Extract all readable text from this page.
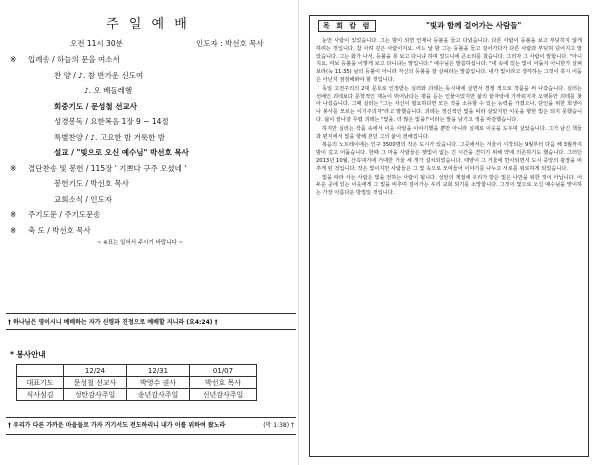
주 일 예 배
오전 11시 30분	인도자 : 박선호 목사
※ 입례송 / 하늘의 문을 여소서
찬 양 / ♪. 참 반가운 신도여
♪. 오 베들레헴
회중기도 / 문성철 선교사
성경봉독 / 요한복음 1장 9 ~ 14절
특별찬양 / ♪. 고요한 밤 거룩한 밤
설교 / "빛으로 오신 예수님" 박선호 목사
※ 결단찬송 및 봉헌 / 115장 ' 기쁘다 구주 오셨네 '
봉헌기도 / 박선호 목사
교회소식 / 인도자
※ 주기도문 / 주기도문송
※ 축 도 / 박선호 목사
~ ※표는 일어서 주시기 바랍니다 ~
† 하나님은 영이시니 예배하는 자가 신령과 진정으로 예배할 지니라 (요4:24) †
* 봉사안내
	12/24	12/31	01/07
대표기도	문성철 선교사	박영수 권사	박선호 목사
식사섬김	성탄감사주일	송년감사주일	신년감사주일
† 우리가 다른 가까운 마을들로 가자 거기서도 전도하리니 내가 이를 위하여 왔노라	(막 1:38) †
목 회 칼 럼	"빛과 함께 걸어가는 사람들"

눈먼 사람이 있었습니다. 그는 밤이 되면 언제나 등불을 들고 다녔습니다. 다른 사람이 등불을 보고 부딪히지 않게 하려는 것입니다. 참 사려 깊은 사람이지요. 어느 날 밤 그는 등불을 들고 걸어가다가 다른 사람과 부딪혀 넘어지고 말았습니다. 그는 화가 나서, 등불을 못 보고 다니냐 하며 엎드니에 큰소리를 쳤습니다. 그러자 그 사람이 말합니다. "아니지요, 여보 등불을 이렇게 보고 다니냐는 말입니다." 예수님은 말씀하십니다. "네 속에 있는 빛이 어둡지 아니한가 살펴보라(눅 11:35) 남의 등불이 아니라 자신의 등불을 잘 살펴라는 말씀입니다. 내가 빛이라고 생각하는 그것이 혹시 어둠은 아닌지 점검해봐야 할 것입니다.

독일 고전주의의 2대 문호로 인정받는 실러와 괴테는 동시대에 살면서 경쟁 적으로 작품을 써 나갔습니다. 실러는 선배인 괴테보다 문학적인 재능이 뛰어났다는 평을 듣는 인물이었지만 삶의 끝자락에 가까워지자 오랫동안 괴테를 찾아 나섰습니다. 그때 실러는 "그는 자신이 필요하다면 모든 것을 소유할 수 있는 능력을 가졌으나, 단인을 위한 희생이나 봉사를 모르는 이기주의자"라고 말했습니다. 괴테는 정신적인 빛을 따라 살았지만 이웃을 향한 빛은 되지 못했습니다. 삶이 끝나갈 무렵 괴테는 "빛을, 더 많은 빛을!"이라는 말을 남기고 생을 마감했습니다.

하지만 실러는 작품 속에서 이웃 사랑을 이야기했을 뿐만 아니라 실제로 이웃을 도우며 살았습니다. 그가 남긴 책들과 편지에서 빛을 향해 걷던 그의 삶이 전해집니다.

복음의 노트레이에는 인구 3500명의 작은 도시가 있습니다. 그곳에서는 겨울이 시작되는 9월부터 다음 해 3월까지 밤이 길고 어둡습니다. 한때 그 마을 사람들은 햇빛이 없는 긴 시간을 견디기 위해 약에 의존하기도 했습니다. 그러던 2013년 10월, 산꼭대기에 거대한 거울 세 개가 설치되었습니다. 태양이 그 거울에 반사되면서 도시 중앙의 광장을 비추게 된 것입니다. 작은 빛이지만 사람들은 그 빛 속으로 모여들어 이야기를 나누고 서로를 위로하게 되었습니다.

빛을 따라 사는 사람은 빛을 전하는 사람이 됩니다. 성탄의 계절에 우리가 받은 빛은 나만을 위한 것이 아닙니다. 어두운 곳에 있는 이웃에게 그 빛을 비추며 걸어가는 우리 교회 되기를 소망합니다. 그것이 빛으로 오신 예수님을 맞이하는 가장 아름다운 방법일 것입니다.
